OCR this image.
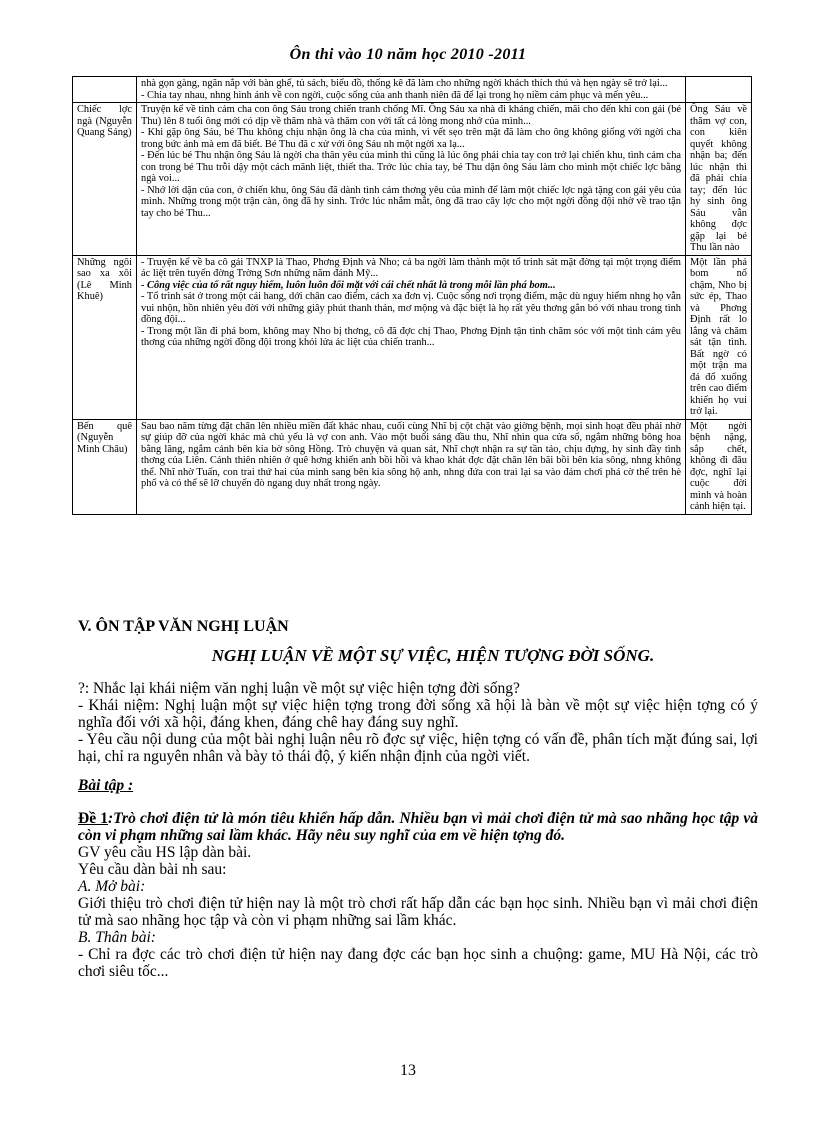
Ôn thi vào 10 năm học 2010 -2011

	nhà gọn gàng, ngăn nắp với bàn ghế, tủ sách, biểu đồ, thống kê đã làm cho những ngời khách thích thú và hẹn ngày sẽ trở lại...

- Chia tay nhau, nhng hình ảnh về con ngời, cuộc sống của anh thanh niên đã để lại trong họ niềm cảm phục và mến yêu...	

Chiếc lợc ngà (Nguyễn Quang Sáng)	Truyện kể về tình cảm cha con ông Sáu trong chiến tranh chống Mĩ. Ông Sáu xa nhà đi kháng chiến, mãi cho đến khi con gái (bé Thu) lên 8 tuổi ông mới có dịp về thăm nhà và thăm con với tất cả lòng mong nhớ của mình...

- Khi gặp ông Sáu, bé Thu không chịu nhận ông là cha của mình, vì vết sẹo trên mặt đã làm cho ông không giống với ngời cha trong bức ảnh mà em đã biết. Bé Thu đã c xử với ông Sáu nh một ngời xa lạ...

- Đến lúc bé Thu nhận ông Sáu là ngời cha thân yêu của mình thì cũng là lúc ông phải chia tay con trở lại chiến khu, tình cảm cha con trong bé Thu trỗi dậy một cách mãnh liệt, thiết tha. Trớc lúc chia tay, bé Thu dặn ông Sáu làm cho mình một chiếc lợc bằng ngà voi...

- Nhớ lời dặn của con, ở chiến khu, ông Sáu đã dành tình cảm thơng yêu của mình để làm một chiếc lợc ngà tặng con gái yêu của mình. Những trong một trận càn, ông đã hy sinh. Trớc lúc nhắm mắt, ông đã trao cây lợc cho một ngời đồng đội nhờ về trao tận tay cho bé Thu...	Ông Sáu về thăm vợ con, con kiên quyết không nhận ba; đến lúc nhận thì đã phải chia tay; đến lúc hy sinh ông Sáu vẫn không đợc gặp lại bé Thu lần nào
Những ngôi sao xa xôi (Lê Minh Khuê)	- Truyện kể về ba cô gái TNXP là Thao, Phơng Định và Nho; cả ba ngời làm thành một tổ trinh sát mặt đờng tại một trọng điểm ác liệt trên tuyến đờng Trờng Sơn những năm đánh Mỹ...

- Công việc của tổ rất nguy hiểm, luôn luôn đối mặt với cái chết nhất là trong mỗi lần phá bom...

- Tổ trinh sát ở trong một cái hang, dới chân cao điểm, cách xa đơn vị. Cuộc sống nơi trọng điểm, mặc dù nguy hiểm nhng họ vẫn vui nhộn, hồn nhiên yêu đời với những giây phút thanh thản, mơ mộng và đặc biệt là họ rất yêu thơng gắn bó với nhau trong tình đồng đội...

- Trong một lần đi phá bom, không may Nho bị thơng, cô đã đợc chị Thao, Phơng Định tận tình chăm sóc với một tình cảm yêu thơng của những ngời đồng đội trong khói lửa ác liệt của chiến tranh...	Một lần phá bom nổ chậm, Nho bị sức ép, Thao và Phơng Định rất lo lắng và chăm sát tận tình. Bất ngờ có một trận ma đá đổ xuống trên cao điểm khiến họ vui trở lại.
Bến quê (Nguyễn Minh Châu)	Sau bao năm từng đặt chân lên nhiều miền đất khác nhau, cuối cùng Nhĩ bị cột chặt vào giờng bệnh, mọi sinh hoạt đều phải nhờ sự giúp đỡ của ngời khác mà chủ yếu là vợ con anh. Vào một buổi sáng đầu thu, Nhĩ nhìn qua cửa sổ, ngắm những bông hoa bằng lăng, ngắm cảnh bên kia bờ sông Hồng. Trò chuyện và quan sát, Nhĩ chợt nhận ra sự tần tảo, chịu đựng, hy sinh đầy tình thơng của Liên. Cảnh thiên nhiên ở quê hơng khiến anh bồi hồi và khao khát đợc đặt chân lên bãi bồi bên kia sông, nhng không thể. Nhĩ nhờ Tuấn, con trai thứ hai của mình sang bên kia sông hộ anh, nhng đứa con trai lại sa vào đám chơi phá cờ thế trên hè phố và có thể sẽ lỡ chuyến đò ngang duy nhất trong ngày.	Một ngời bệnh nặng, sắp chết, không đi đâu đợc, nghĩ lại cuộc đời mình và hoàn cảnh hiện tại.

V. ÔN TẬP VĂN NGHỊ LUẬN

NGHỊ LUẬN VỀ MỘT SỰ VIỆC, HIỆN TƯỢNG ĐỜI SỐNG.

?: Nhắc lại khái niệm văn nghị luận về một sự việc hiện tợng đời sống?

- Khái niệm: Nghị luận một sự việc hiện tợng trong đời sống xã hội là bàn về một sự việc hiện tợng có ý nghĩa đối với xã hội, đáng khen, đáng chê hay đáng suy nghĩ.

- Yêu cầu nội dung của một bài nghị luận nêu rõ đợc sự việc, hiện tợng có vấn đề, phân tích mặt đúng sai, lợi hại, chỉ ra nguyên nhân và bày tỏ thái độ, ý kiến nhận định của ngời viết.

Bài tập :

Đề 1:Trò chơi điện tử là món tiêu khiển hấp dẫn. Nhiều bạn vì mải chơi điện tử mà sao nhãng học tập và còn vi phạm những sai lầm khác. Hãy nêu suy nghĩ của em về hiện tợng đó.

GV yêu cầu HS lập dàn bài.

Yêu cầu dàn bài nh sau:

A. Mở bài:

Giới thiệu trò chơi điện tử hiện nay là một trò chơi rất hấp dẫn các bạn học sinh. Nhiều bạn vì mải chơi điện tử mà sao nhãng học tập và còn vi phạm những sai lầm khác.

B. Thân bài:

- Chỉ ra đợc các trò chơi điện tử hiện nay đang đợc các bạn học sinh a chuộng: game, MU Hà Nội, các trò chơi siêu tốc...

13
